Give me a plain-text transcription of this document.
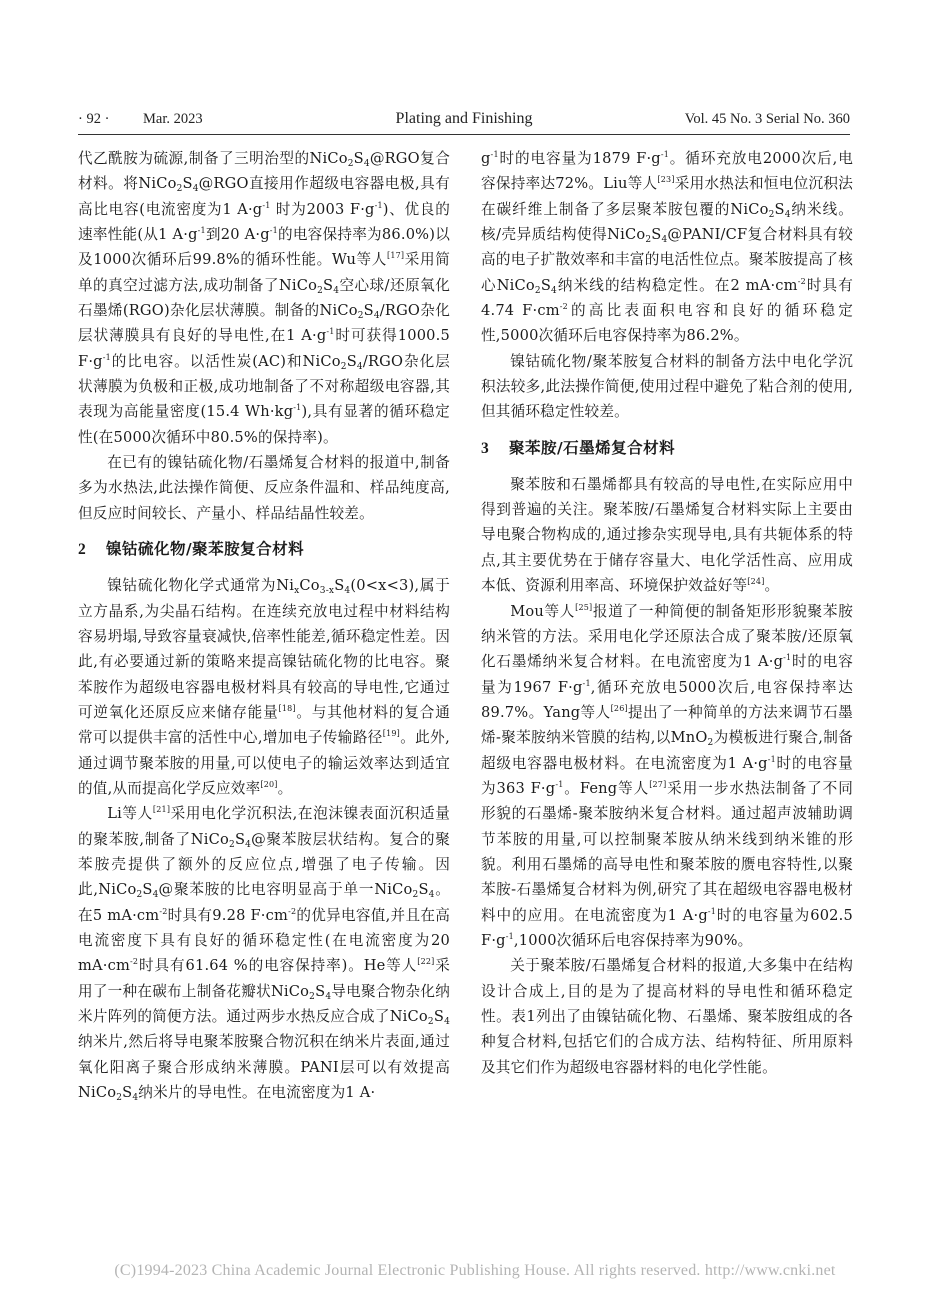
· 92 · Mar. 2023	Plating and Finishing	Vol. 45 No. 3 Serial No. 360

代乙酰胺为硫源,制备了三明治型的$NiCo_2S_4@RGO$复合材料。将$NiCo_2S_4@RGO$直接用作超级电容器电极,具有高比电容(电流密度为1 $A\cdot g^{-1}$ 时为2003 $F\cdot g^{-1}$)、优良的速率性能(从1 $A\cdot g^{-1}$到20 $A\cdot g^{-1}$的电容保持率为86.0%)以及1000次循环后99.8%的循环性能。Wu等人[17]采用简单的真空过滤方法,成功制备了$NiCo_2S_4$空心球/还原氧化石墨烯(RGO)杂化层状薄膜。制备的$NiCo_2S_4$/RGO杂化层状薄膜具有良好的导电性,在1 $A\cdot g^{-1}$时可获得1000.5 $F\cdot g^{-1}$的比电容。以活性炭(AC)和$NiCo_2S_4$/RGO杂化层状薄膜为负极和正极,成功地制备了不对称超级电容器,其表现为高能量密度(15.4 $Wh\cdot kg^{-1}$),具有显著的循环稳定性(在5000次循环中80.5%的保持率)。

在已有的镍钴硫化物/石墨烯复合材料的报道中,制备多为水热法,此法操作简便、反应条件温和、样品纯度高,但反应时间较长、产量小、样品结晶性较差。

2 镍钴硫化物/聚苯胺复合材料

镍钴硫化物化学式通常为$Ni_xCo_{3-x}S_4(0<x<3)$,属于立方晶系,为尖晶石结构。在连续充放电过程中材料结构容易坍塌,导致容量衰减快,倍率性能差,循环稳定性差。因此,有必要通过新的策略来提高镍钴硫化物的比电容。聚苯胺作为超级电容器电极材料具有较高的导电性,它通过可逆氧化还原反应来储存能量[18]。与其他材料的复合通常可以提供丰富的活性中心,增加电子传输路径[19]。此外,通过调节聚苯胺的用量,可以使电子的输运效率达到适宜的值,从而提高化学反应效率[20]。

Li等人[21]采用电化学沉积法,在泡沫镍表面沉积适量的聚苯胺,制备了$NiCo_2S_4@$聚苯胺层状结构。复合的聚苯胺壳提供了额外的反应位点,增强了电子传输。因此$,NiCo_2S_4@$聚苯胺的比电容明显高于单一$NiCo_2S_4$。在5 $mA\cdot cm^{-2}$时具有9.28 $F\cdot cm^{-2}$的优异电容值,并且在高电流密度下具有良好的循环稳定性(在电流密度为20 $mA\cdot cm^{-2}$时具有61.64 %的电容保持率)。He等人[22]采用了一种在碳布上制备花瓣状$NiCo_2S_4$导电聚合物杂化纳米片阵列的简便方法。通过两步水热反应合成了$NiCo_2S_4$纳米片,然后将导电聚苯胺聚合物沉积在纳米片表面,通过氧化阳离子聚合形成纳米薄膜。PANI层可以有效提高$NiCo_2S_4$纳米片的导电性。在电流密度为1 A·

$g^{-1}$时的电容量为1879 $F\cdot g^{-1}$。循环充放电2000次后,电容保持率达72%。Liu等人[23]采用水热法和恒电位沉积法在碳纤维上制备了多层聚苯胺包覆的$NiCo_2S_4$纳米线。核/壳异质结构使得$NiCo_2S_4@PANI/CF$复合材料具有较高的电子扩散效率和丰富的电活性位点。聚苯胺提高了核心$NiCo_2S_4$纳米线的结构稳定性。在2 $mA\cdot cm^{-2}$时具有4.74 $F\cdot cm^{-2}$的高比表面积电容和良好的循环稳定性,5000次循环后电容保持率为86.2%。

镍钴硫化物/聚苯胺复合材料的制备方法中电化学沉积法较多,此法操作简便,使用过程中避免了粘合剂的使用,但其循环稳定性较差。

3 聚苯胺/石墨烯复合材料

聚苯胺和石墨烯都具有较高的导电性,在实际应用中得到普遍的关注。聚苯胺/石墨烯复合材料实际上主要由导电聚合物构成的,通过掺杂实现导电,具有共轭体系的特点,其主要优势在于储存容量大、电化学活性高、应用成本低、资源利用率高、环境保护效益好等[24]。

Mou等人[25]报道了一种简便的制备矩形形貌聚苯胺纳米管的方法。采用电化学还原法合成了聚苯胺/还原氧化石墨烯纳米复合材料。在电流密度为1 $A\cdot g^{-1}$时的电容量为1967 $F\cdot g^{-1}$,循环充放电5000次后,电容保持率达89.7%。Yang等人[26]提出了一种简单的方法来调节石墨烯-聚苯胺纳米管膜的结构,以MnO$_2$为模板进行聚合,制备超级电容器电极材料。在电流密度为1 $A\cdot g^{-1}$时的电容量为363 $F\cdot g^{-1}$。Feng等人[27]采用一步水热法制备了不同形貌的石墨烯-聚苯胺纳米复合材料。通过超声波辅助调节苯胺的用量,可以控制聚苯胺从纳米线到纳米锥的形貌。利用石墨烯的高导电性和聚苯胺的赝电容特性,以聚苯胺-石墨烯复合材料为例,研究了其在超级电容器电极材料中的应用。在电流密度为1 $A\cdot g^{-1}$时的电容量为602.5 $F\cdot g^{-1},1000$次循环后电容保持率为90%。

关于聚苯胺/石墨烯复合材料的报道,大多集中在结构设计合成上,目的是为了提高材料的导电性和循环稳定性。表1列出了由镍钴硫化物、石墨烯、聚苯胺组成的各种复合材料,包括它们的合成方法、结构特征、所用原料及其它们作为超级电容器材料的电化学性能。

(C)1994-2023 China Academic Journal Electronic Publishing House. All rights reserved. http://www.cnki.net
